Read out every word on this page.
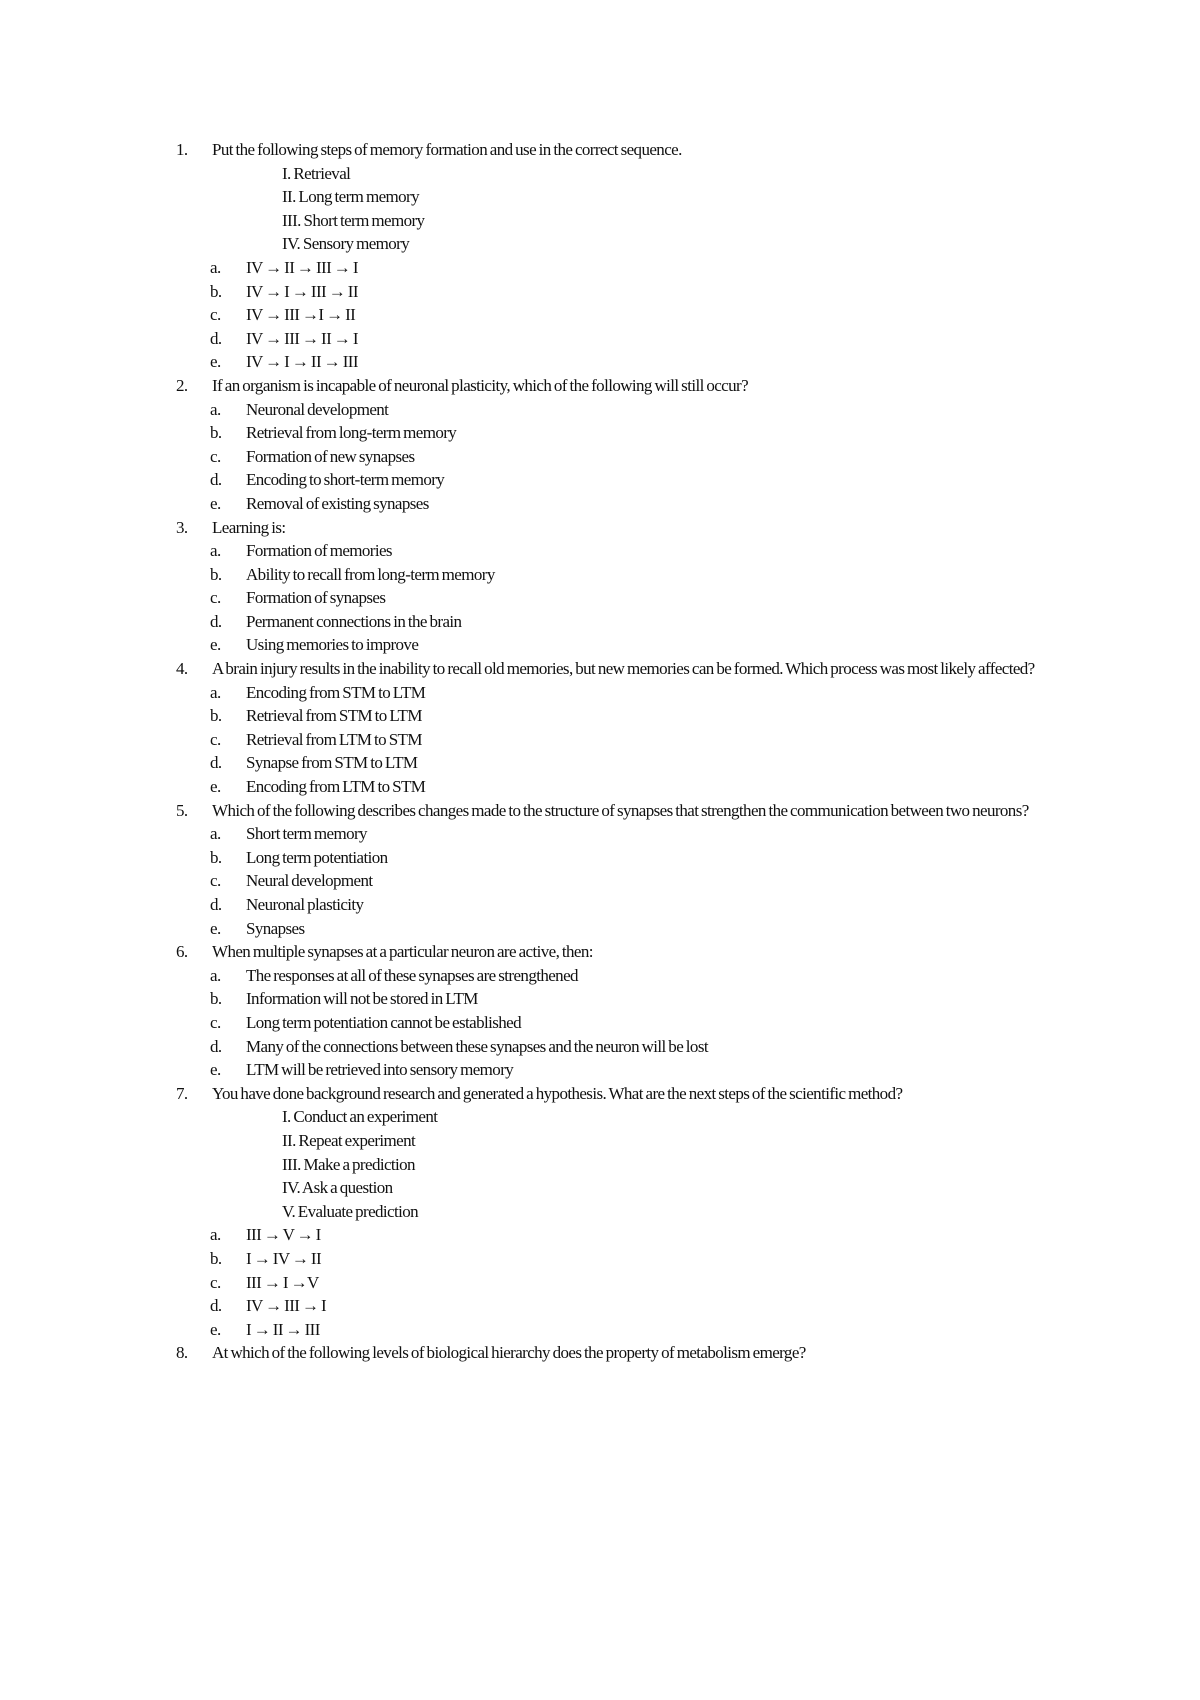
1. Put the following steps of memory formation and use in the correct sequence.
I. Retrieval
II. Long term memory
III. Short term memory
IV. Sensory memory
a. IV → II → III → I
b. IV → I → III → II
c. IV → III →I → II
d. IV → III → II → I
e. IV → I → II → III
2. If an organism is incapable of neuronal plasticity, which of the following will still occur?
a. Neuronal development
b. Retrieval from long-term memory
c. Formation of new synapses
d. Encoding to short-term memory
e. Removal of existing synapses
3. Learning is:
a. Formation of memories
b. Ability to recall from long-term memory
c. Formation of synapses
d. Permanent connections in the brain
e. Using memories to improve
4. A brain injury results in the inability to recall old memories, but new memories can be formed. Which process was most likely affected?
a. Encoding from STM to LTM
b. Retrieval from STM to LTM
c. Retrieval from LTM to STM
d. Synapse from STM to LTM
e. Encoding from LTM to STM
5. Which of the following describes changes made to the structure of synapses that strengthen the communication between two neurons?
a. Short term memory
b. Long term potentiation
c. Neural development
d. Neuronal plasticity
e. Synapses
6. When multiple synapses at a particular neuron are active, then:
a. The responses at all of these synapses are strengthened
b. Information will not be stored in LTM
c. Long term potentiation cannot be established
d. Many of the connections between these synapses and the neuron will be lost
e. LTM will be retrieved into sensory memory
7. You have done background research and generated a hypothesis. What are the next steps of the scientific method?
I. Conduct an experiment
II. Repeat experiment
III. Make a prediction
IV. Ask a question
V. Evaluate prediction
a. III → V → I
b. I → IV → II
c. III → I →V
d. IV → III → I
e. I → II → III
8. At which of the following levels of biological hierarchy does the property of metabolism emerge?
